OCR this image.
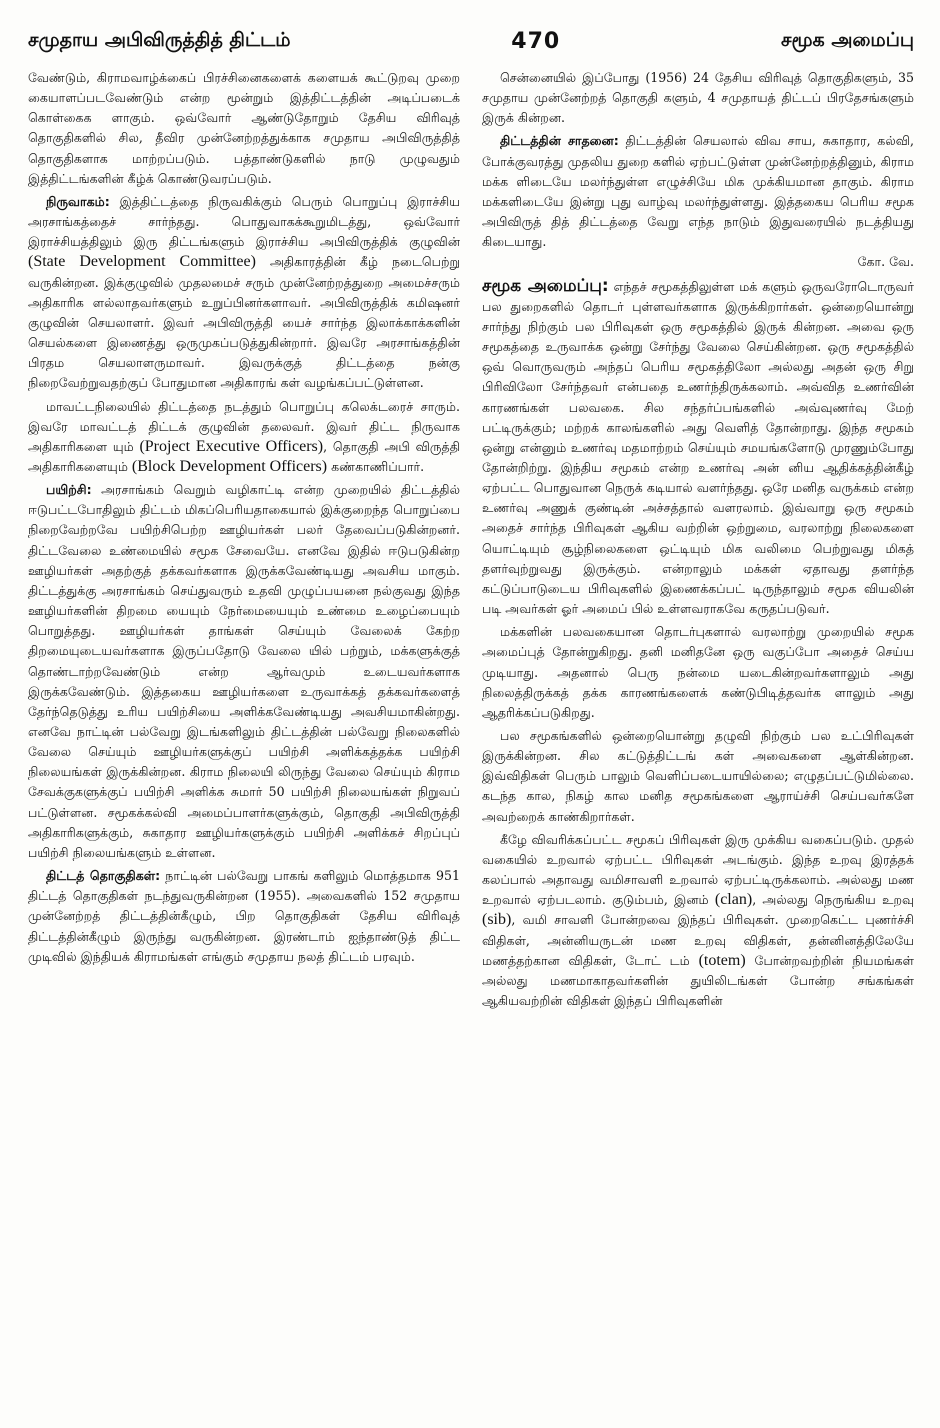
சமுதாய அபிவிருத்தித் திட்டம்	470	சமூக அமைப்பு

வேண்டும், கிராமவாழ்க்கைப் பிரச்சினைகளைக் களையக் கூட்டுறவு முறை கையாளப்படவேண்டும் என்ற மூன்றும் இத்திட்டத்தின் அடிப்படைக் கொள்கைக ளாகும். ஒவ்வோர் ஆண்டுதோறும் தேசிய விரிவுத் தொகுதிகளில் சில, தீவிர முன்னேற்றத்துக்காக சமுதாய அபிவிருத்தித் தொகுதிகளாக மாற்றப்படும். பத்தாண்டுகளில் நாடு முழுவதும் இத்திட்டங்களின் கீழ்க் கொண்டுவரப்படும்.

நிருவாகம்: இத்திட்டத்தை நிருவகிக்கும் பெரும் பொறுப்பு இராச்சிய அரசாங்கத்தைச் சார்ந்தது. பொதுவாகக்கூறுமிடத்து, ஒவ்வோர் இராச்சியத்திலும் இரு திட்டங்களும் இராச்சிய அபிவிருத்திக் குழுவின் (State Development Committee) அதிகாரத்தின் கீழ் நடைபெற்று வருகின்றன. இக்குழுவில் முதலமைச் சரும் முன்னேற்றத்துறை அமைச்சரும் அதிகாரிக ளல்லாதவர்களும் உறுப்பினர்களாவர். அபிவிருத்திக் கமிஷனர் குழுவின் செயலாளர். இவர் அபிவிருத்தி யைச் சார்ந்த இலாக்காக்களின் செயல்களை இணைத்து ஒருமுகப்படுத்துகின்றார். இவரே அரசாங்கத்தின் பிரதம செயலாளருமாவர். இவருக்குத் திட்டத்தை நன்கு நிறைவேற்றுவதற்குப் போதுமான அதிகாரங் கள் வழங்கப்பட்டுள்ளன.

மாவட்டநிலையில் திட்டத்தை நடத்தும் பொறுப்பு கலெக்டரைச் சாரும். இவரே மாவட்டத் திட்டக் குழுவின் தலைவர். இவர் திட்ட நிருவாக அதிகாரிகளை யும் (Project Executive Officers), தொகுதி அபி விருத்தி அதிகாரிகளையும் (Block Development Officers) கண்காணிப்பார்.

பயிற்சி: அரசாங்கம் வெறும் வழிகாட்டி என்ற முறையில் திட்டத்தில் ஈடுபட்டபோதிலும் திட்டம் மிகப்பெரியதாகையால் இக்குறைந்த பொறுப்பை நிறைவேற்றவே பயிற்சிபெற்ற ஊழியர்கள் பலர் தேவைப்படுகின்றனர். திட்டவேலை உண்மையில் சமூக சேவையே. எனவே இதில் ஈடுபடுகின்ற ஊழியர்கள் அதற்குத் தக்கவர்களாக இருக்கவேண்டியது அவசிய மாகும். திட்டத்துக்கு அரசாங்கம் செய்துவரும் உதவி முழுப்பயனை நல்குவது இந்த ஊழியர்களின் திறமை யையும் நேர்மையையும் உண்மை உழைப்பையும் பொறுத்தது. ஊழியர்கள் தாங்கள் செய்யும் வேலைக் கேற்ற திறமையுடையவர்களாக இருப்பதோடு வேலை யில் பற்றும், மக்களுக்குத் தொண்டாற்றவேண்டும் என்ற ஆர்வமும் உடையவர்களாக இருக்கவேண்டும். இத்தகைய ஊழியர்களை உருவாக்கத் தக்கவர்களைத் தேர்ந்தெடுத்து உரிய பயிற்சியை அளிக்கவேண்டியது அவசியமாகின்றது. எனவே நாட்டின் பல்வேறு இடங்களிலும் திட்டத்தின் பல்வேறு நிலைகளில் வேலை செய்யும் ஊழியர்களுக்குப் பயிற்சி அளிக்கத்தக்க பயிற்சி நிலையங்கள் இருக்கின்றன. கிராம நிலையி லிருந்து வேலை செய்யும் கிராம சேவக்குகளுக்குப் பயிற்சி அளிக்க சுமார் 50 பயிற்சி நிலையங்கள் நிறுவப் பட்டுள்ளன. சமூகக்கல்வி அமைப்பாளர்களுக்கும், தொகுதி அபிவிருத்தி அதிகாரிகளுக்கும், சுகாதார ஊழியர்களுக்கும் பயிற்சி அளிக்கச் சிறப்புப் பயிற்சி நிலையங்களும் உள்ளன.

திட்டத் தொகுதிகள்: நாட்டின் பல்வேறு பாகங் களிலும் மொத்தமாக 951 திட்டத் தொகுதிகள் நடந்துவருகின்றன (1955). அவைகளில் 152 சமுதாய முன்னேற்றத் திட்டத்தின்கீழும், பிற தொகுதிகள் தேசிய விரிவுத் திட்டத்தின்கீழும் இருந்து வருகின்றன. இரண்டாம் ஐந்தாண்டுத் திட்ட முடிவில் இந்தியக் கிராமங்கள் எங்கும் சமுதாய நலத் திட்டம் பரவும்.

சென்னையில் இப்போது (1956) 24 தேசிய விரிவுத் தொகுதிகளும், 35 சமுதாய முன்னேற்றத் தொகுதி களும், 4 சமுதாயத் திட்டப் பிரதேசங்களும் இருக் கின்றன.

திட்டத்தின் சாதனை: திட்டத்தின் செயலால் விவ சாய, சுகாதார, கல்வி, போக்குவரத்து முதலிய துறை களில் ஏற்பட்டுள்ள முன்னேற்றத்தினும், கிராம மக்க ளிடையே மலர்ந்துள்ள எழுச்சியே மிக முக்கியமான தாகும். கிராம மக்களிடையே இன்று புது வாழ்வு மலர்ந்துள்ளது. இத்தகைய பெரிய சமூக அபிவிருத் தித் திட்டத்தை வேறு எந்த நாடும் இதுவரையில் நடத்தியது கிடையாது.
கோ. வே.

சமூக அமைப்பு: எந்தச் சமூகத்திலுள்ள மக் களும் ஒருவரோடொருவர் பல துறைகளில் தொடர் புள்ளவர்களாக இருக்கிறார்கள். ஒன்றையொன்று சார்ந்து நிற்கும் பல பிரிவுகள் ஒரு சமூகத்தில் இருக் கின்றன. அவை ஒரு சமூகத்தை உருவாக்க ஒன்று சேர்ந்து வேலை செய்கின்றன. ஒரு சமூகத்தில் ஒவ் வொருவரும் அந்தப் பெரிய சமூகத்திலோ அல்லது அதன் ஒரு சிறு பிரிவிலோ சேர்ந்தவர் என்பதை உணர்ந்திருக்கலாம். அவ்வித உணர்வின் காரணங்கள் பலவகை. சில சந்தர்ப்பங்களில் அவ்வுணர்வு மேற் பட்டிருக்கும்; மற்றக் காலங்களில் அது வெளித் தோன்றாது. இந்த சமூகம் ஒன்று என்னும் உணர்வு மதமாற்றம் செய்யும் சமயங்களோடு முரணும்போது தோன்றிற்று. இந்திய சமூகம் என்ற உணர்வு அன் னிய ஆதிக்கத்தின்கீழ் ஏற்பட்ட பொதுவான நெருக் கடியால் வளர்ந்தது. ஒரே மனித வருக்கம் என்ற உணர்வு அணுக் குண்டின் அச்சத்தால் வளரலாம். இவ்வாறு ஒரு சமூகம் அதைச் சார்ந்த பிரிவுகள் ஆகிய வற்றின் ஒற்றுமை, வரலாற்று நிலைகளை யொட்டியும் சூழ்நிலைகளை ஒட்டியும் மிக வலிமை பெற்றுவது மிகத் தளர்வுற்றுவது இருக்கும். என்றாலும் மக்கள் ஏதாவது தளர்ந்த கட்டுப்பாடுடைய பிரிவுகளில் இணைக்கப்பட் டிருந்தாலும் சமூக வியலின் படி அவர்கள் ஓர் அமைப் பில் உள்ளவராகவே கருதப்படுவர்.

மக்களின் பலவகையான தொடர்புகளால் வரலாற்று முறையில் சமூக அமைப்புத் தோன்றுகிறது. தனி மனிதனே ஒரு வகுப்போ அதைச் செய்ய முடியாது. அதனால் பெரு நன்மை யடைகின்றவர்களாலும் அது நிலைத்திருக்கத் தக்க காரணங்களைக் கண்டுபிடித்தவர்க ளாலும் அது ஆதரிக்கப்படுகிறது.

பல சமூகங்களில் ஒன்றையொன்று தழுவி நிற்கும் பல உட்பிரிவுகள் இருக்கின்றன. சில கட்டுத்திட்டங் கள் அவைகளை ஆள்கின்றன. இவ்விதிகள் பெரும் பாலும் வெளிப்படையாயில்லை; எழுதப்பட்டுமில்லை. கடந்த கால, நிகழ் கால மனித சமூகங்களை ஆராய்ச்சி செய்பவர்களே அவற்றைக் காண்கிறார்கள்.

கீழே விவரிக்கப்பட்ட சமூகப் பிரிவுகள் இரு முக்கிய வகைப்படும். முதல் வகையில் உறவால் ஏற்பட்ட பிரிவுகள் அடங்கும். இந்த உறவு இரத்தக் கலப்பால் அதாவது வமிசாவளி உறவால் ஏற்பட்டிருக்கலாம். அல்லது மண உறவால் ஏற்படலாம். குடும்பம், இனம் (clan), அல்லது நெருங்கிய உறவு (sib), வமி சாவளி போன்றவை இந்தப் பிரிவுகள். முறைகெட்ட புணர்ச்சி விதிகள், அன்னியருடன் மண உறவு விதிகள், தன்னினத்திலேயே மணத்தற்கான விதிகள், டோட் டம் (totem) போன்றவற்றின் நியமங்கள் அல்லது மணமாகாதவர்களின் துயிலிடங்கள் போன்ற சங்கங்கள் ஆகியவற்றின் விதிகள் இந்தப் பிரிவுகளின்
